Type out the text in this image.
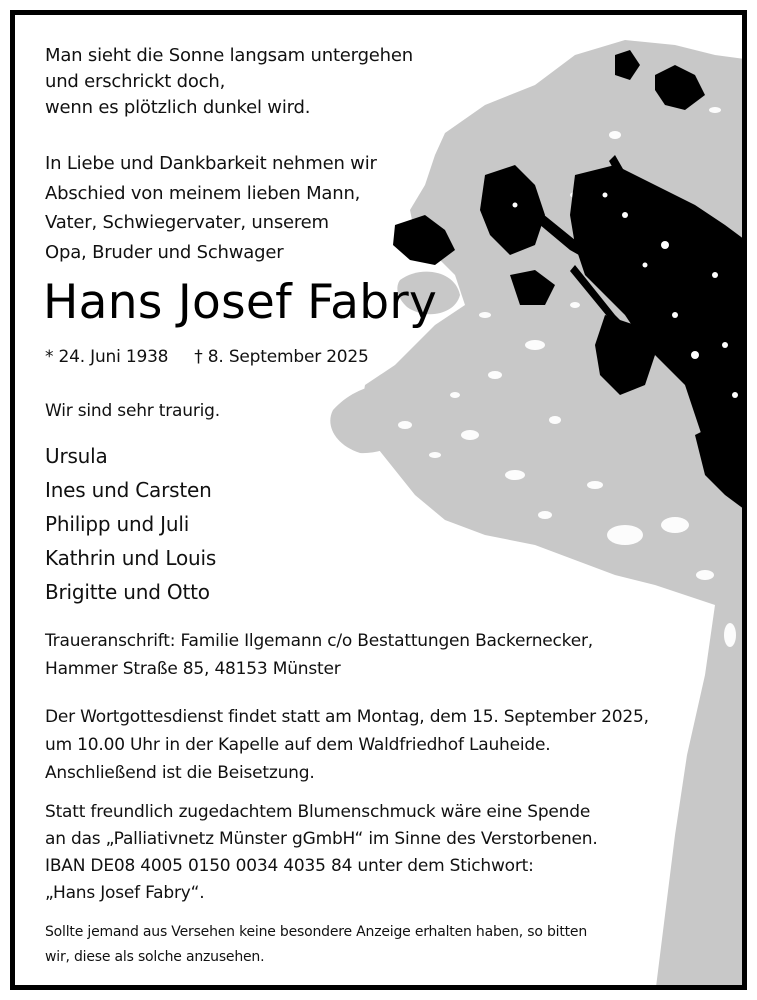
Man sieht die Sonne langsam untergehen
und erschrickt doch,
wenn es plötzlich dunkel wird.
In Liebe und Dankbarkeit nehmen wir
Abschied von meinem lieben Mann,
Vater, Schwiegervater, unserem
Opa, Bruder und Schwager
Hans Josef Fabry
* 24. Juni 1938 † 8. September 2025
Wir sind sehr traurig.
Ursula
Ines und Carsten
Philipp und Juli
Kathrin und Louis
Brigitte und Otto
Traueranschrift: Familie Ilgemann c/o Bestattungen Backernecker,
Hammer Straße 85, 48153 Münster
Der Wortgottesdienst findet statt am Montag, dem 15. September 2025,
um 10.00 Uhr in der Kapelle auf dem Waldfriedhof Lauheide.
Anschließend ist die Beisetzung.
Statt freundlich zugedachtem Blumenschmuck wäre eine Spende
an das „Palliativnetz Münster gGmbH“ im Sinne des Verstorbenen.
IBAN DE08 4005 0150 0034 4035 84 unter dem Stichwort:
„Hans Josef Fabry“.
Sollte jemand aus Versehen keine besondere Anzeige erhalten haben, so bitten
wir, diese als solche anzusehen.
